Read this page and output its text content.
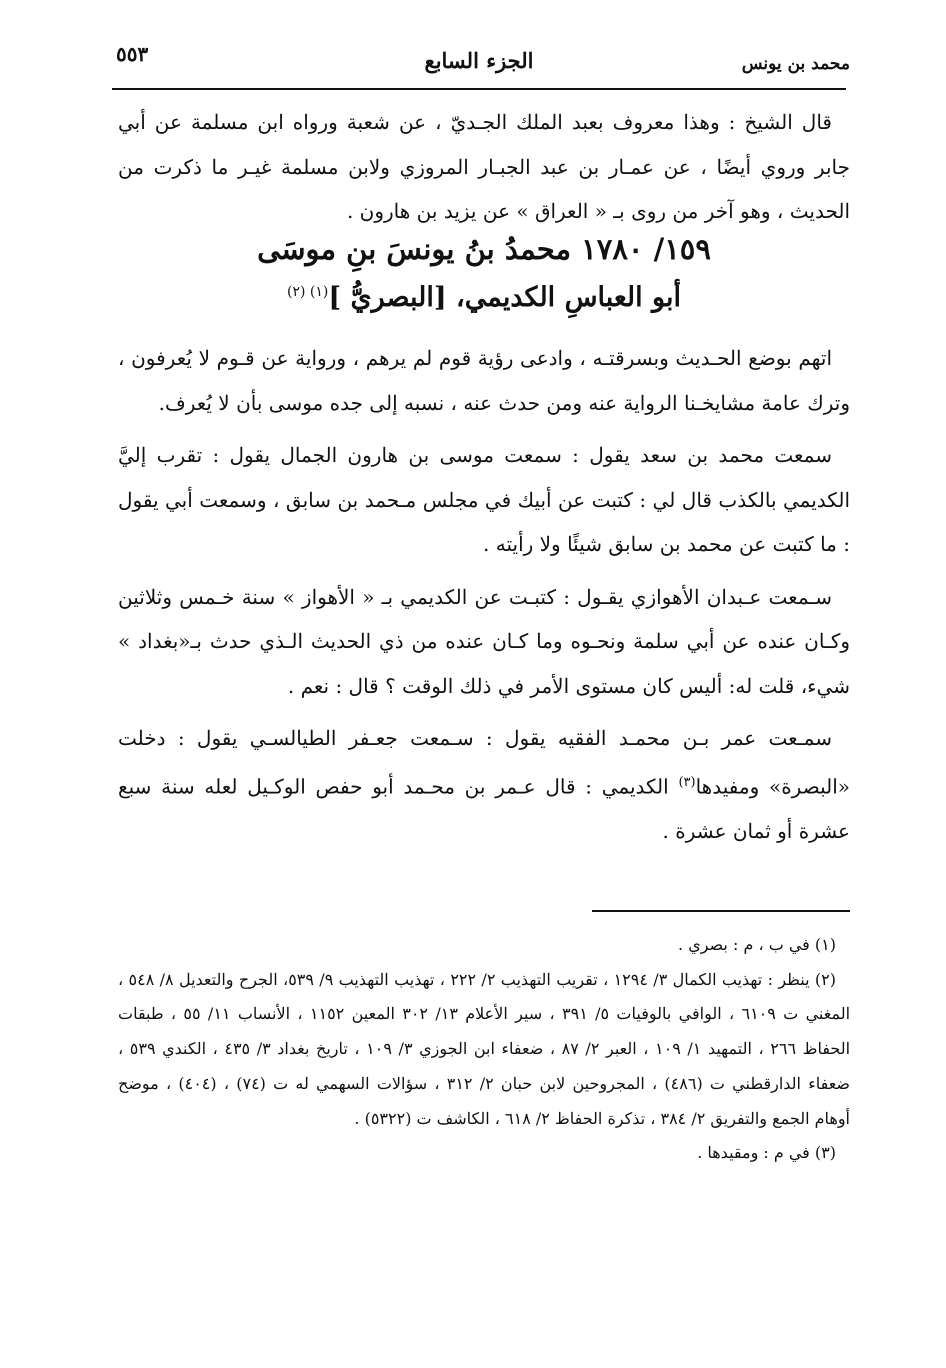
محمد بن يونس
الجزء السابع
٥٥٣

قال الشيخ : وهذا معروف بعبد الملك الجـديّ ، عن شعبة ورواه ابن مسلمة عن أبي جابر وروي أيضًا ، عن عمـار بن عبد الجبـار المروزي ولابن مسلمة غيـر ما ذكرت من الحديث ، وهو آخر من روى بـ « العراق » عن يزيد بن هارون .

١٥٩/ ١٧٨٠ محمدُ بنُ يونسَ بنِ موسَى
أبو العباسِ الكديمي، [البصريُّ ]$^{(١) (٢)}$

اتهم بوضع الحـديث وبسرقتـه ، وادعى رؤية قوم لم يرهم ، ورواية عن قـوم لا يُعرفون ، وترك عامة مشايخـنا الرواية عنه ومن حدث عنه ، نسبه إلى جده موسى بأن لا يُعرف.

سمعت محمد بن سعد يقول : سمعت موسى بن هارون الجمال يقول : تقرب إليَّ الكديمي بالكذب قال لي : كتبت عن أبيك في مجلس مـحمد بن سابق ، وسمعت أبي يقول : ما كتبت عن محمد بن سابق شيئًا ولا رأيته .

سـمعت عـبدان الأهوازي يقـول : كتبـت عن الكديمي بـ « الأهواز » سنة خـمس وثلاثين وكـان عنده عن أبي سلمة ونحـوه وما كـان عنده من ذي الحديث الـذي حدث بـ«بغداد » شيء، قلت له: أليس كان مستوى الأمر في ذلك الوقت ؟ قال : نعم .

سمـعت عمر بـن محمـد الفقيه يقول : سـمعت جعـفر الطيالسـي يقول : دخلت «البصرة» ومفيدها$^{(٣)}$ الكديمي : قال عـمر بن محـمد أبو حفص الوكـيل لعله سنة سبع عشرة أو ثمان عشرة .

(١) في ب ، م : بصري .

(٢) ينظر : تهذيب الكمال ٣/ ١٢٩٤ ، تقريب التهذيب ٢/ ٢٢٢ ، تهذيب التهذيب ٩/ ٥٣٩، الجرح والتعديل ٨/ ٥٤٨ ، المغني ت ٦١٠٩ ، الوافي بالوفيات ٥/ ٣٩١ ، سير الأعلام ١٣/ ٣٠٢ المعين ١١٥٢ ، الأنساب ١١/ ٥٥ ، طبقات الحفاظ ٢٦٦ ، التمهيد ١/ ١٠٩ ، العبر ٢/ ٨٧ ، ضعفاء ابن الجوزي ٣/ ١٠٩ ، تاريخ بغداد ٣/ ٤٣٥ ، الكندي ٥٣٩ ، ضعفاء الدارقطني ت (٤٨٦) ، المجروحين لابن حبان ٢/ ٣١٢ ، سؤالات السهمي له ت (٧٤) ، (٤٠٤) ، موضح أوهام الجمع والتفريق ٢/ ٣٨٤ ، تذكرة الحفاظ ٢/ ٦١٨ ، الكاشف ت (٥٣٢٢) .

(٣) في م : ومقيدها .
